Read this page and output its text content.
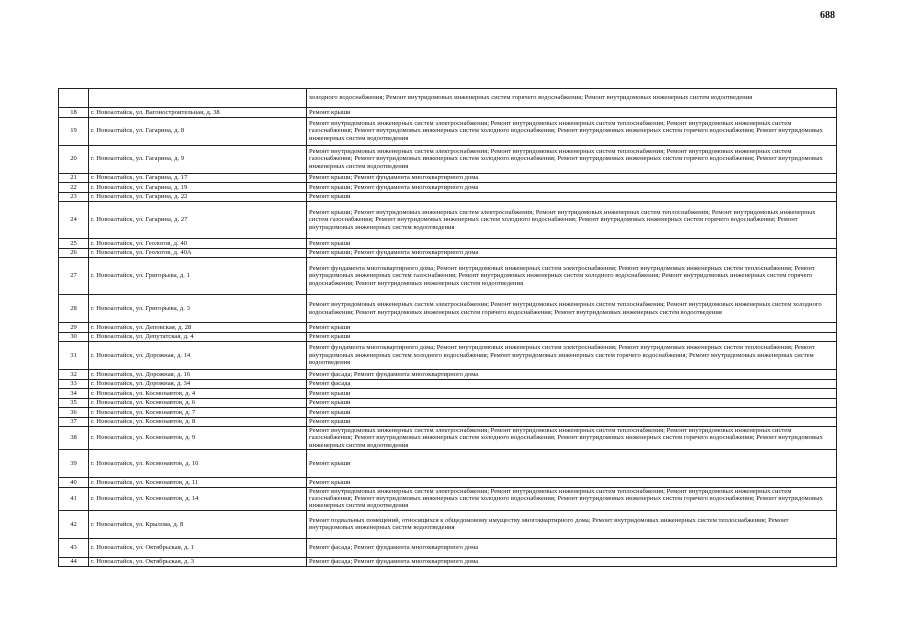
688
		холодного водоснабжения; Ремонт внутридомовых инженерных систем горячего водоснабжения; Ремонт внутридомовых инженерных систем водоотведения
18	г. Новоалтайск, ул. Вагоностроительная, д. 38	Ремонт крыши
19	г. Новоалтайск, ул. Гагарина, д. 8	Ремонт внутридомовых инженерных систем электроснабжения; Ремонт внутридомовых инженерных систем теплоснабжения; Ремонт внутридомовых инженерных систем газоснабжения; Ремонт внутридомовых инженерных систем холодного водоснабжения; Ремонт внутридомовых инженерных систем горячего водоснабжения; Ремонт внутридомовых инженерных систем водоотведения
20	г. Новоалтайск, ул. Гагарина, д. 9	Ремонт внутридомовых инженерных систем электроснабжения; Ремонт внутридомовых инженерных систем теплоснабжения; Ремонт внутридомовых инженерных систем газоснабжения; Ремонт внутридомовых инженерных систем холодного водоснабжения; Ремонт внутридомовых инженерных систем горячего водоснабжения; Ремонт внутридомовых инженерных систем водоотведения
21	г. Новоалтайск, ул. Гагарина, д. 17	Ремонт крыши; Ремонт фундамента многоквартирного дома
22	г. Новоалтайск, ул. Гагарина, д. 19	Ремонт крыши; Ремонт фундамента многоквартирного дома
23	г. Новоалтайск, ул. Гагарина, д. 22	Ремонт крыши
24	г. Новоалтайск, ул. Гагарина, д. 27	Ремонт крыши; Ремонт внутридомовых инженерных систем электроснабжения; Ремонт внутридомовых инженерных систем теплоснабжения; Ремонт внутридомовых инженерных систем газоснабжения; Ремонт внутридомовых инженерных систем холодного водоснабжения; Ремонт внутридомовых инженерных систем горячего водоснабжения; Ремонт внутридомовых инженерных систем водоотведения
25	г. Новоалтайск, ул. Геологов, д. 40	Ремонт крыши
26	г. Новоалтайск, ул. Геологов, д. 40А	Ремонт крыши; Ремонт фундамента многоквартирного дома
27	г. Новоалтайск, ул. Григорьева, д. 1	Ремонт фундамента многоквартирного дома; Ремонт внутридомовых инженерных систем электроснабжения; Ремонт внутридомовых инженерных систем теплоснабжения; Ремонт внутридомовых инженерных систем газоснабжения; Ремонт внутридомовых инженерных систем холодного водоснабжения; Ремонт внутридомовых инженерных систем горячего водоснабжения; Ремонт внутридомовых инженерных систем водоотведения
28	г. Новоалтайск, ул. Григорьева, д. 3	Ремонт внутридомовых инженерных систем электроснабжения; Ремонт внутридомовых инженерных систем теплоснабжения; Ремонт внутридомовых инженерных систем холодного водоснабжения; Ремонт внутридомовых инженерных систем горячего водоснабжения; Ремонт внутридомовых инженерных систем водоотведения
29	г. Новоалтайск, ул. Деповская, д. 28	Ремонт крыши
30	г. Новоалтайск, ул. Депутатская, д. 4	Ремонт крыши
31	г. Новоалтайск, ул. Дорожная, д. 14	Ремонт фундамента многоквартирного дома; Ремонт внутридомовых инженерных систем электроснабжения; Ремонт внутридомовых инженерных систем теплоснабжения; Ремонт внутридомовых инженерных систем холодного водоснабжения; Ремонт внутридомовых инженерных систем горячего водоснабжения; Ремонт внутридомовых инженерных систем водоотведения
32	г. Новоалтайск, ул. Дорожная, д. 16	Ремонт фасада; Ремонт фундамента многоквартирного дома
33	г. Новоалтайск, ул. Дорожная, д. 34	Ремонт фасада
34	г. Новоалтайск, ул. Космонавтов, д. 4	Ремонт крыши
35	г. Новоалтайск, ул. Космонавтов, д. 6	Ремонт крыши
36	г. Новоалтайск, ул. Космонавтов, д. 7	Ремонт крыши
37	г. Новоалтайск, ул. Космонавтов, д. 8	Ремонт крыши
38	г. Новоалтайск, ул. Космонавтов, д. 9	Ремонт внутридомовых инженерных систем электроснабжения; Ремонт внутридомовых инженерных систем теплоснабжения; Ремонт внутридомовых инженерных систем газоснабжения; Ремонт внутридомовых инженерных систем холодного водоснабжения; Ремонт внутридомовых инженерных систем горячего водоснабжения; Ремонт внутридомовых инженерных систем водоотведения
39	г. Новоалтайск, ул. Космонавтов, д. 10	Ремонт крыши
40	г. Новоалтайск, ул. Космонавтов, д. 11	Ремонт крыши
41	г. Новоалтайск, ул. Космонавтов, д. 14	Ремонт внутридомовых инженерных систем электроснабжения; Ремонт внутридомовых инженерных систем теплоснабжения; Ремонт внутридомовых инженерных систем газоснабжения; Ремонт внутридомовых инженерных систем холодного водоснабжения; Ремонт внутридомовых инженерных систем горячего водоснабжения; Ремонт внутридомовых инженерных систем водоотведения
42	г. Новоалтайск, ул. Крылова, д. 8	Ремонт подвальных помещений, относящихся к общедомовому имуществу многоквартирного дома; Ремонт внутридомовых инженерных систем теплоснабжения; Ремонт внутридомовых инженерных систем водоотведения
43	г. Новоалтайск, ул. Октябрьская, д. 1	Ремонт фасада; Ремонт фундамента многоквартирного дома
44	г. Новоалтайск, ул. Октябрьская, д. 3	Ремонт фасада; Ремонт фундамента многоквартирного дома
